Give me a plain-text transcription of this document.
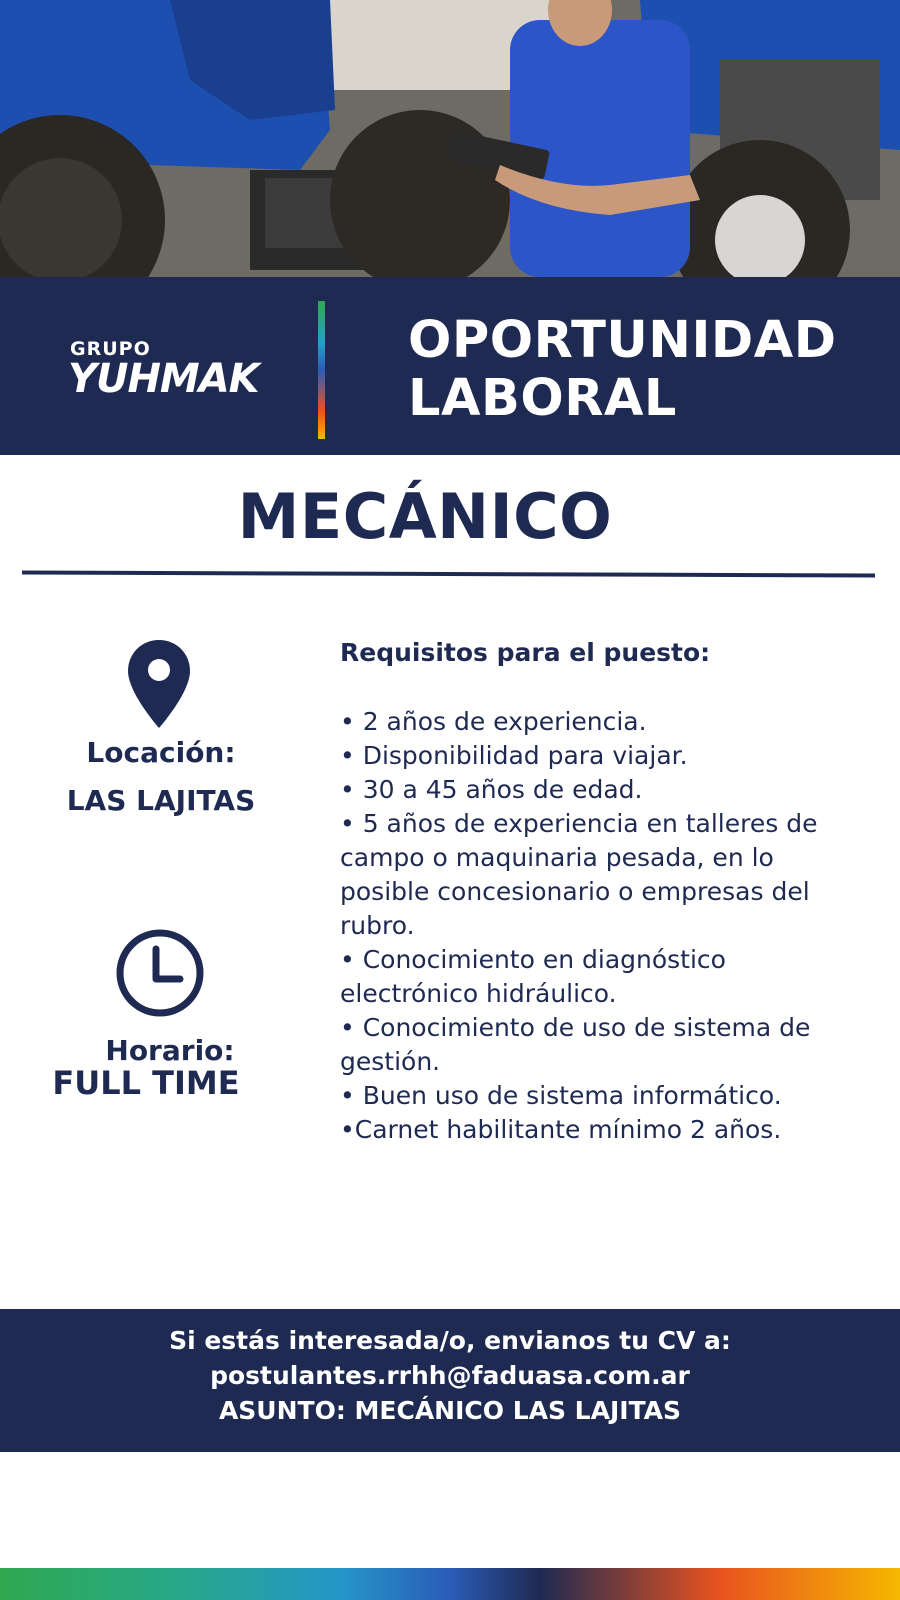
GRUPO
YUHMAK
OPORTUNIDAD
LABORAL
MECÁNICO
Locación:
LAS LAJITAS
Horario:
FULL TIME

Requisitos para el puesto:

• 2 años de experiencia.
• Disponibilidad para viajar.
• 30 a 45 años de edad.
• 5 años de experiencia en talleres de campo o maquinaria pesada, en lo posible concesionario o empresas del rubro.
• Conocimiento en diagnóstico electrónico hidráulico.
• Conocimiento de uso de sistema de gestión.
• Buen uso de sistema informático.
•Carnet habilitante mínimo 2 años.

Si estás interesada/o, envianos tu CV a:

postulantes.rrhh@faduasa.com.ar

ASUNTO: MECÁNICO LAS LAJITAS
